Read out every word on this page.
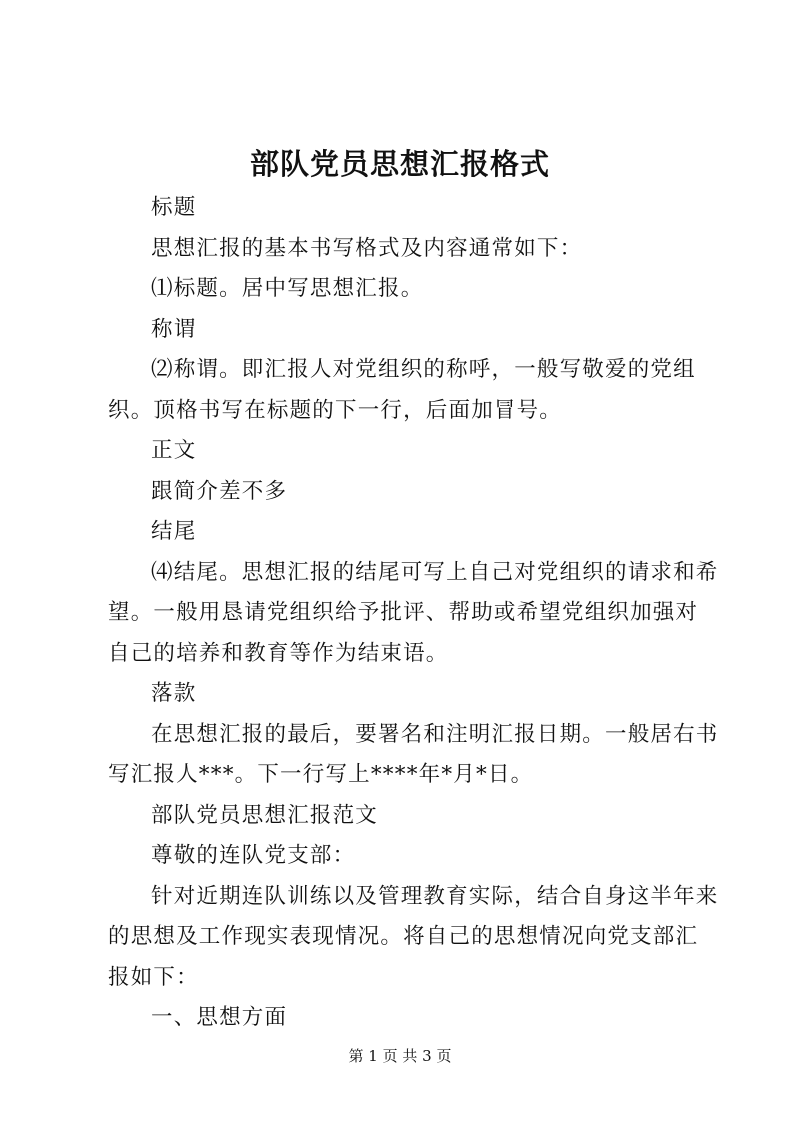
部队党员思想汇报格式

标题

思想汇报的基本书写格式及内容通常如下：

⑴标题。居中写思想汇报。

称谓

⑵称谓。即汇报人对党组织的称呼，一般写敬爱的党组织。顶格书写在标题的下一行，后面加冒号。

正文

跟简介差不多

结尾

⑷结尾。思想汇报的结尾可写上自己对党组织的请求和希望。一般用恳请党组织给予批评、帮助或希望党组织加强对自己的培养和教育等作为结束语。

落款

在思想汇报的最后，要署名和注明汇报日期。一般居右书写汇报人***。下一行写上****年*月*日。

部队党员思想汇报范文

尊敬的连队党支部：

针对近期连队训练以及管理教育实际，结合自身这半年来的思想及工作现实表现情况。将自己的思想情况向党支部汇报如下：

一、思想方面

第 1 页 共 3 页
